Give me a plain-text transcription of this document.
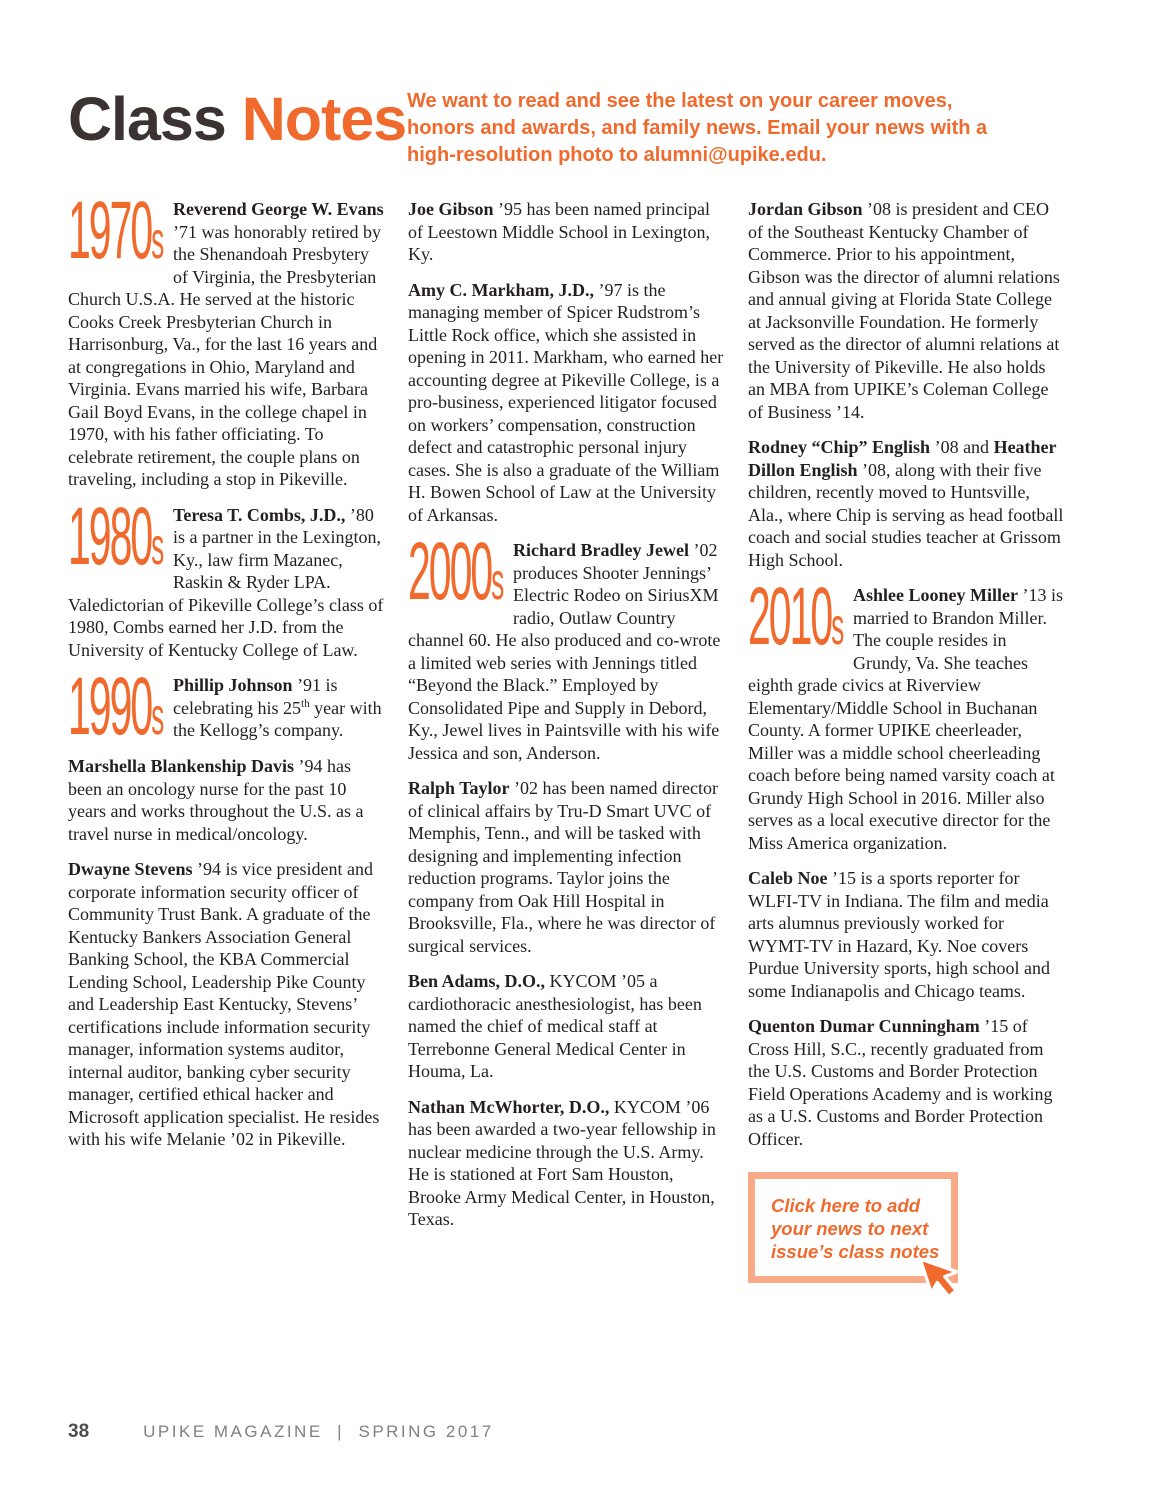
Class Notes We want to read and see the latest on your career moves, honors and awards, and family news. Email your news with a high-resolution photo to alumni@upike.edu.
1970s
Reverend George W. Evans ’71 was honorably retired by the Shenandoah Presbytery of Virginia, the Presbyterian Church U.S.A. He served at the historic Cooks Creek Presbyterian Church in Harrisonburg, Va., for the last 16 years and at congregations in Ohio, Maryland and Virginia. Evans married his wife, Barbara Gail Boyd Evans, in the college chapel in 1970, with his father officiating. To celebrate retirement, the couple plans on traveling, including a stop in Pikeville.
1980s
Teresa T. Combs, J.D., ’80 is a partner in the Lexington, Ky., law firm Mazanec, Raskin & Ryder LPA. Valedictorian of Pikeville College’s class of 1980, Combs earned her J.D. from the University of Kentucky College of Law.
1990s
Phillip Johnson ’91 is celebrating his 25th year with the Kellogg’s company.
Marshella Blankenship Davis ’94 has been an oncology nurse for the past 10 years and works throughout the U.S. as a travel nurse in medical/oncology.
Dwayne Stevens ’94 is vice president and corporate information security officer of Community Trust Bank. A graduate of the Kentucky Bankers Association General Banking School, the KBA Commercial Lending School, Leadership Pike County and Leadership East Kentucky, Stevens’ certifications include information security manager, information systems auditor, internal auditor, banking cyber security manager, certified ethical hacker and Microsoft application specialist. He resides with his wife Melanie ’02 in Pikeville.
Joe Gibson ’95 has been named principal of Leestown Middle School in Lexington, Ky.
Amy C. Markham, J.D., ’97 is the managing member of Spicer Rudstrom’s Little Rock office, which she assisted in opening in 2011. Markham, who earned her accounting degree at Pikeville College, is a pro-business, experienced litigator focused on workers’ compensation, construction defect and catastrophic personal injury cases. She is also a graduate of the William H. Bowen School of Law at the University of Arkansas.
2000s
Richard Bradley Jewel ’02 produces Shooter Jennings’ Electric Rodeo on SiriusXM radio, Outlaw Country channel 60. He also produced and co-wrote a limited web series with Jennings titled “Beyond the Black.” Employed by Consolidated Pipe and Supply in Debord, Ky., Jewel lives in Paintsville with his wife Jessica and son, Anderson.
Ralph Taylor ’02 has been named director of clinical affairs by Tru-D Smart UVC of Memphis, Tenn., and will be tasked with designing and implementing infection reduction programs. Taylor joins the company from Oak Hill Hospital in Brooksville, Fla., where he was director of surgical services.
Ben Adams, D.O., KYCOM ’05 a cardiothoracic anesthesiologist, has been named the chief of medical staff at Terrebonne General Medical Center in Houma, La.
Nathan McWhorter, D.O., KYCOM ’06 has been awarded a two-year fellowship in nuclear medicine through the U.S. Army. He is stationed at Fort Sam Houston, Brooke Army Medical Center, in Houston, Texas.
Jordan Gibson ’08 is president and CEO of the Southeast Kentucky Chamber of Commerce. Prior to his appointment, Gibson was the director of alumni relations and annual giving at Florida State College at Jacksonville Foundation. He formerly served as the director of alumni relations at the University of Pikeville. He also holds an MBA from UPIKE’s Coleman College of Business ’14.
Rodney “Chip” English ’08 and Heather Dillon English ’08, along with their five children, recently moved to Huntsville, Ala., where Chip is serving as head football coach and social studies teacher at Grissom High School.
2010s
Ashlee Looney Miller ’13 is married to Brandon Miller. The couple resides in Grundy, Va. She teaches eighth grade civics at Riverview Elementary/Middle School in Buchanan County. A former UPIKE cheerleader, Miller was a middle school cheerleading coach before being named varsity coach at Grundy High School in 2016. Miller also serves as a local executive director for the Miss America organization.
Caleb Noe ’15 is a sports reporter for WLFI-TV in Indiana. The film and media arts alumnus previously worked for WYMT-TV in Hazard, Ky. Noe covers Purdue University sports, high school and some Indianapolis and Chicago teams.
Quenton Dumar Cunningham ’15 of Cross Hill, S.C., recently graduated from the U.S. Customs and Border Protection Field Operations Academy and is working as a U.S. Customs and Border Protection Officer.
Click here to add
your news to next
issue’s class notes
38	UPIKE MAGAZINE  |  SPRING 2017
